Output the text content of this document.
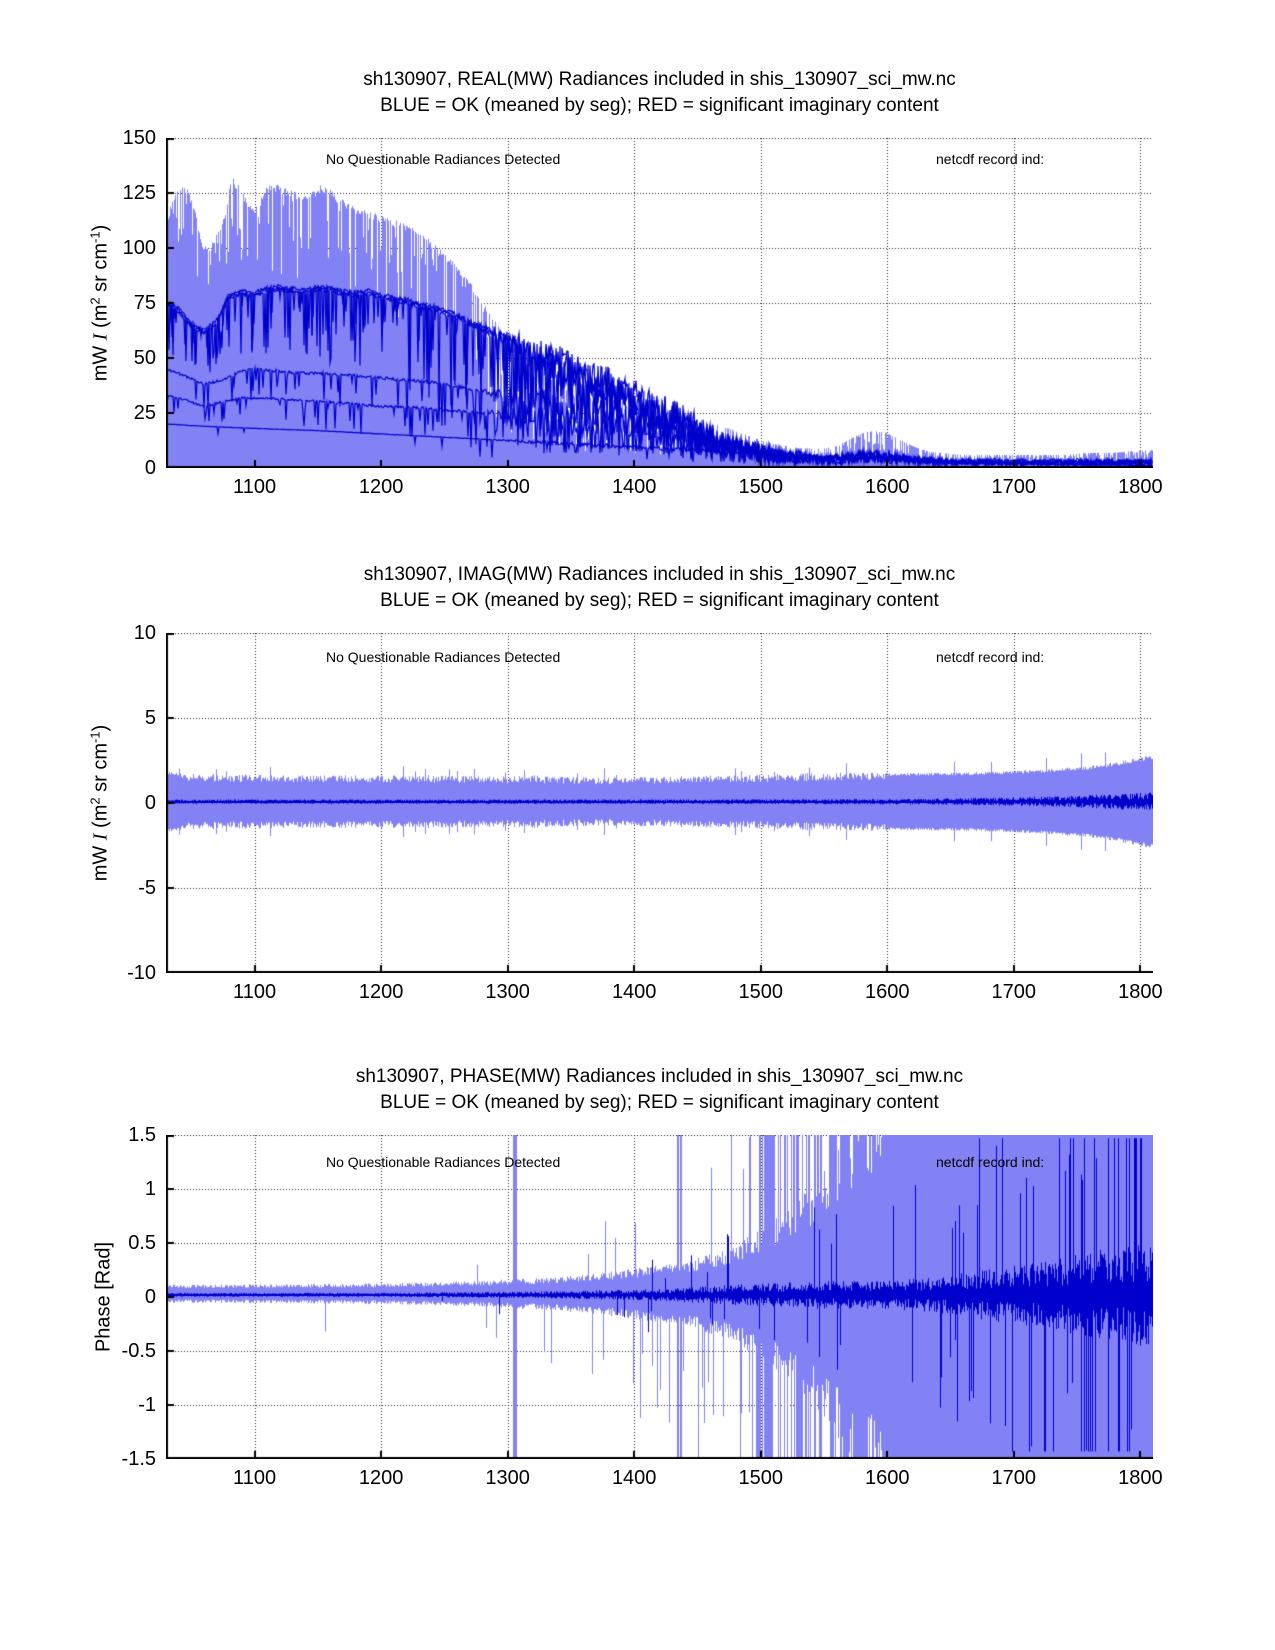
sh130907, REAL(MW) Radiances included in shis_130907_sci_mw.nc
BLUE = OK (meaned by seg); RED = significant imaginary content
mW I ($m^2$ sr $cm^{-1}$)
No Questionable Radiances Detected	netcdf record ind:
1100	1200	1300	1400	1500	1600	1700	1800
0
25
50
75
100
125
150
sh130907, IMAG(MW) Radiances included in shis_130907_sci_mw.nc
BLUE = OK (meaned by seg); RED = significant imaginary content
mW I ($m^2$ sr $cm^{-1}$)
No Questionable Radiances Detected	netcdf record ind:
1100	1200	1300	1400	1500	1600	1700	1800
-10
-5
0
5
10
sh130907, PHASE(MW) Radiances included in shis_130907_sci_mw.nc
BLUE = OK (meaned by seg); RED = significant imaginary content
Phase [Rad]
No Questionable Radiances Detected	netcdf record ind:
1100	1200	1300	1400	1500	1600	1700	1800
-1.5
-1
-0.5
0
0.5
1
1.5
